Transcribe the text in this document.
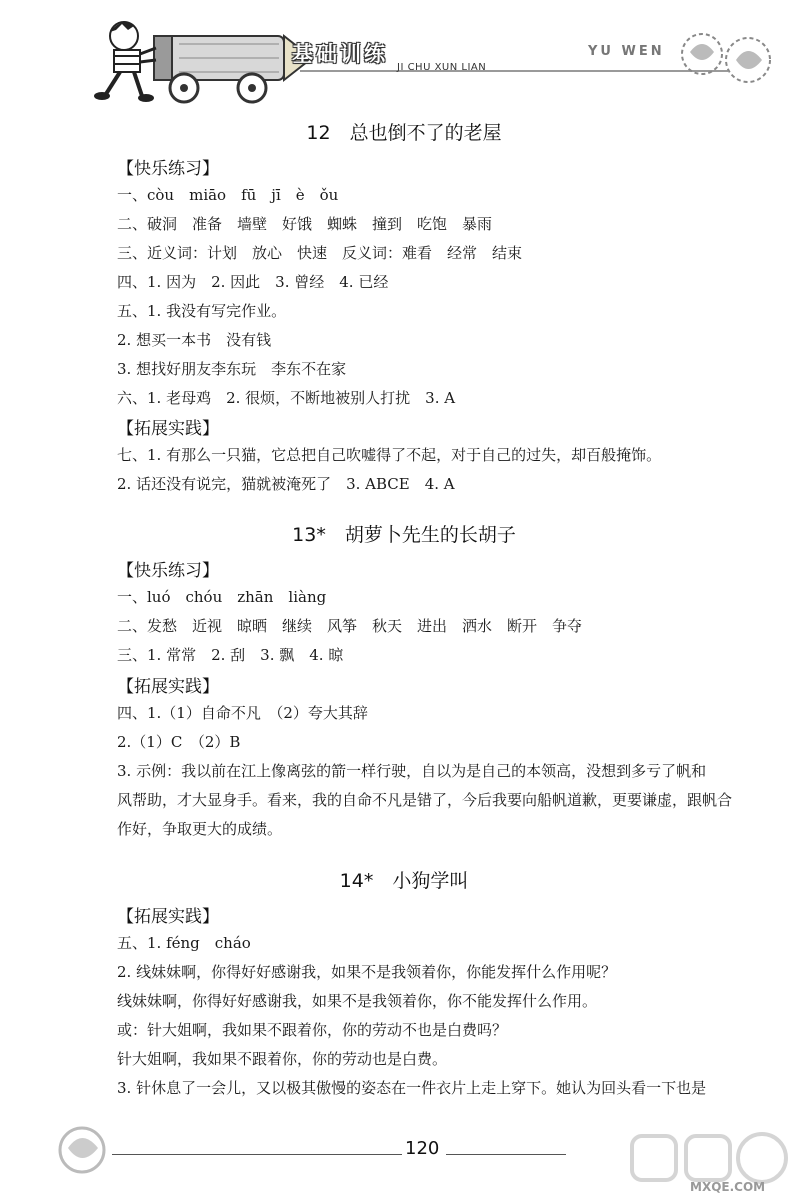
基础训练
JI CHU XUN LIAN
YU WEN
12　总也倒不了的老屋
【快乐练习】
一、còu　miāo　fū　jī　è　ǒu
二、破洞　准备　墙壁　好饿　蜘蛛　撞到　吃饱　暴雨
三、近义词：计划　放心　快速　反义词：难看　经常　结束
四、1. 因为　2. 因此　3. 曾经　4. 已经
五、1. 我没有写完作业。
2. 想买一本书　没有钱
3. 想找好朋友李东玩　李东不在家
六、1. 老母鸡　2. 很烦，不断地被别人打扰　3. A
【拓展实践】
七、1. 有那么一只猫，它总把自己吹嘘得了不起，对于自己的过失，却百般掩饰。
2. 话还没有说完，猫就被淹死了　3. ABCE　4. A
13*　胡萝卜先生的长胡子
【快乐练习】
一、luó　chóu　zhān　liàng
二、发愁　近视　晾晒　继续　风筝　秋天　进出　洒水　断开　争夺
三、1. 常常　2. 刮　3. 飘　4. 晾
【拓展实践】
四、1.（1）自命不凡　（2）夸大其辞
2.（1）C　（2）B
3. 示例：我以前在江上像离弦的箭一样行驶，自以为是自己的本领高，没想到多亏了帆和
风帮助，才大显身手。看来，我的自命不凡是错了，今后我要向船帆道歉，更要谦虚，跟帆合
作好，争取更大的成绩。
14*　小狗学叫
【拓展实践】
五、1. féng　cháo
2. 线妹妹啊，你得好好感谢我，如果不是我领着你，你能发挥什么作用呢？
线妹妹啊，你得好好感谢我，如果不是我领着你，你不能发挥什么作用。
或：针大姐啊，我如果不跟着你，你的劳动不也是白费吗？
针大姐啊，我如果不跟着你，你的劳动也是白费。
3. 针休息了一会儿，又以极其傲慢的姿态在一件衣片上走上穿下。她认为回头看一下也是
120
MXQE.COM
